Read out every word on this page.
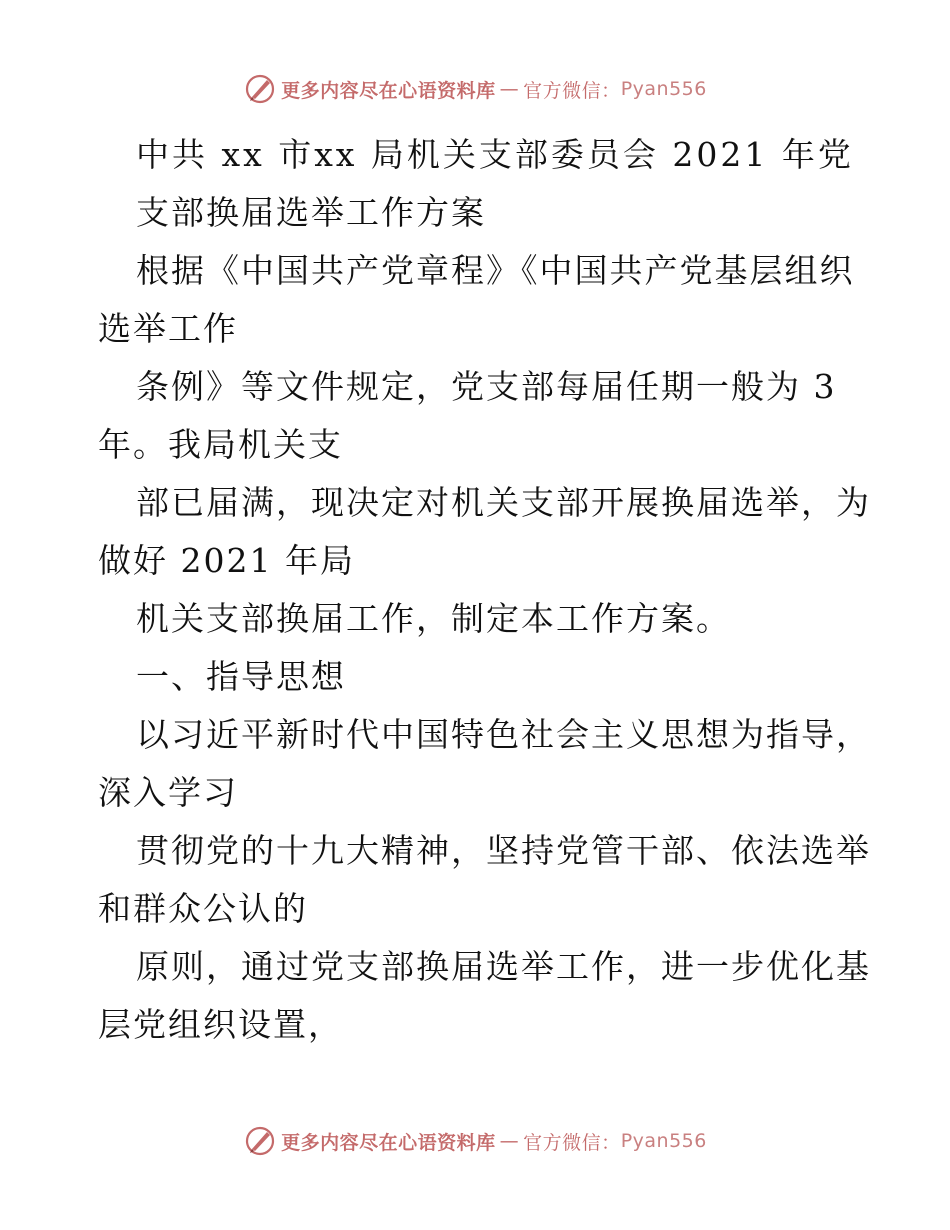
更多内容尽在心语资料库 — 官方微信： Pyan556
中共 xx 市xx 局机关支部委员会 2021 年党
支部换届选举工作方案
根据《中国共产党章程》《中国共产党基层组织
选举工作
条例》等文件规定，党支部每届任期一般为 3
年。我局机关支
部已届满，现决定对机关支部开展换届选举，为
做好 2021 年局
机关支部换届工作，制定本工作方案。
一、指导思想
以习近平新时代中国特色社会主义思想为指导，
深入学习
贯彻党的十九大精神，坚持党管干部、依法选举
和群众公认的
原则，通过党支部换届选举工作，进一步优化基
层党组织设置，
更多内容尽在心语资料库 — 官方微信： Pyan556
